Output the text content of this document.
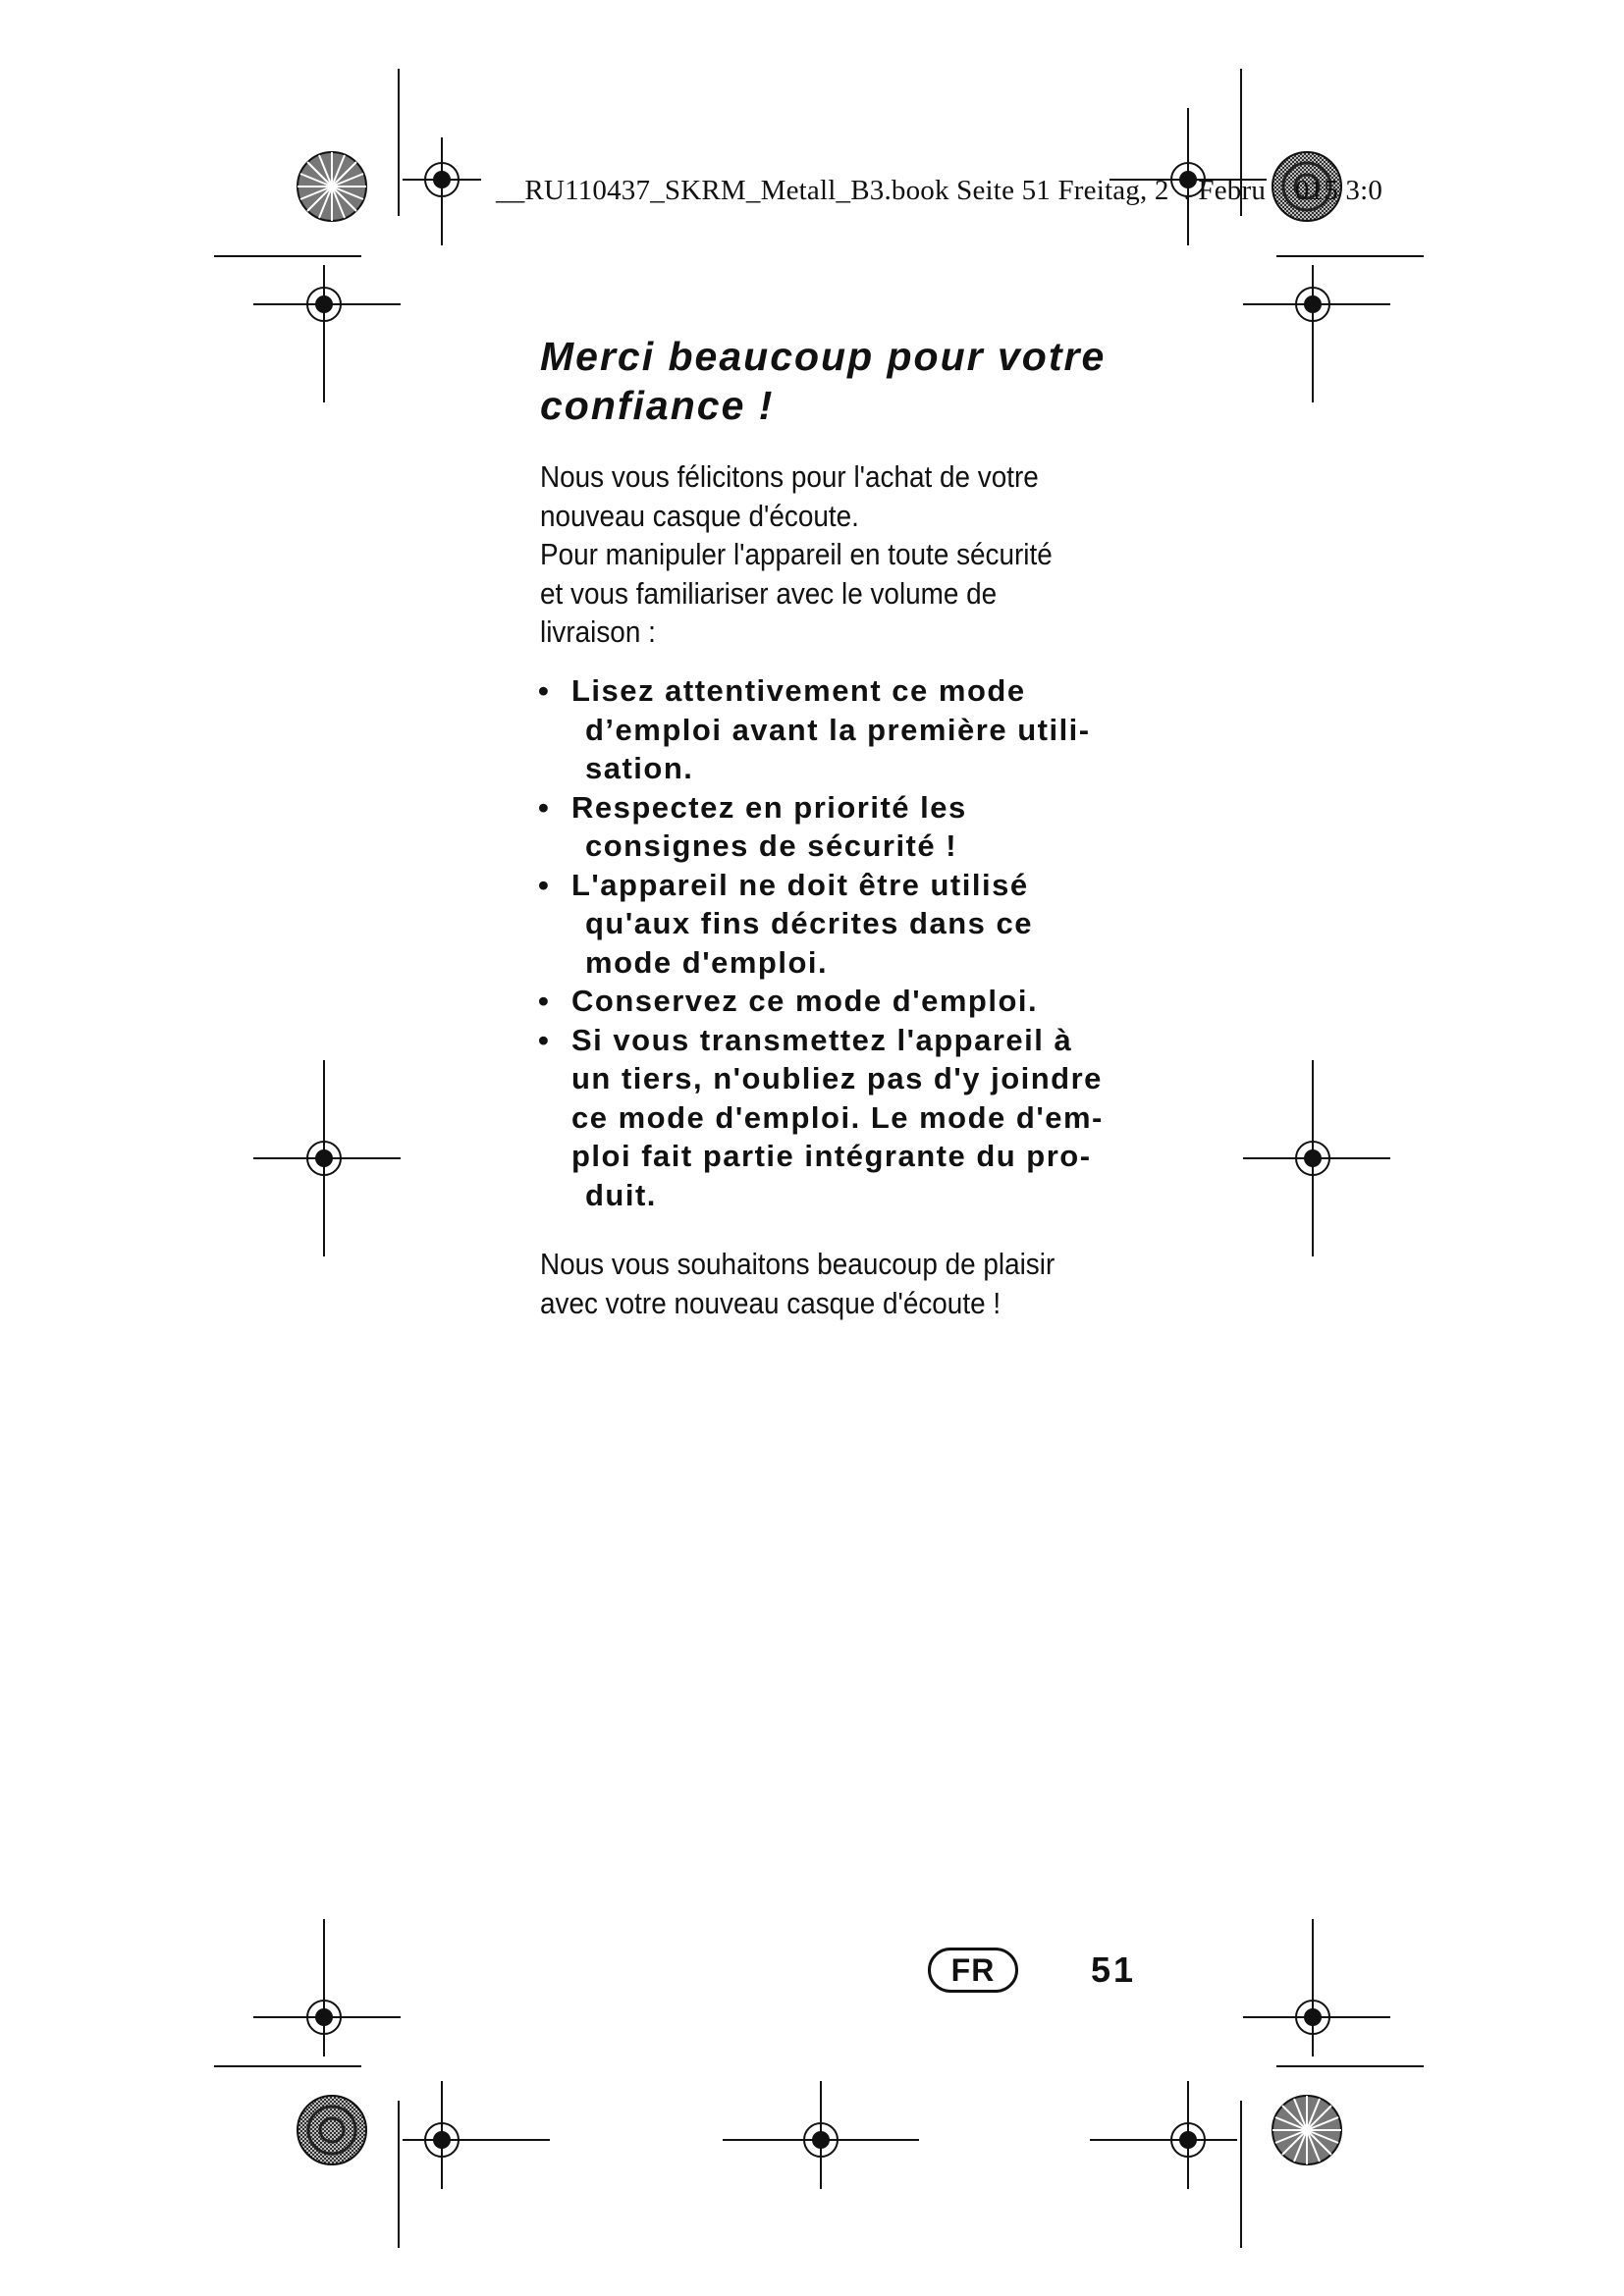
__RU110437_SKRM_Metall_B3.book Seite 51 Freitag, 2  . Febru    015 3:0
Merci beaucoup pour votre
confiance !
Nous vous félicitons pour l'achat de votre
nouveau casque d'écoute.
Pour manipuler l'appareil en toute sécurité
et vous familiariser avec le volume de
livraison :
• Lisez attentivement ce mode
d’emploi avant la première utili-
sation.
• Respectez en priorité les
consignes de sécurité !
• L'appareil ne doit être utilisé
qu'aux fins décrites dans ce
mode d'emploi.
• Conservez ce mode d'emploi.
• Si vous transmettez l'appareil à
un tiers, n'oubliez pas d'y joindre
ce mode d'emploi. Le mode d'em-
ploi fait partie intégrante du pro-
duit.
Nous vous souhaitons beaucoup de plaisir
avec votre nouveau casque d'écoute !
FR	51
